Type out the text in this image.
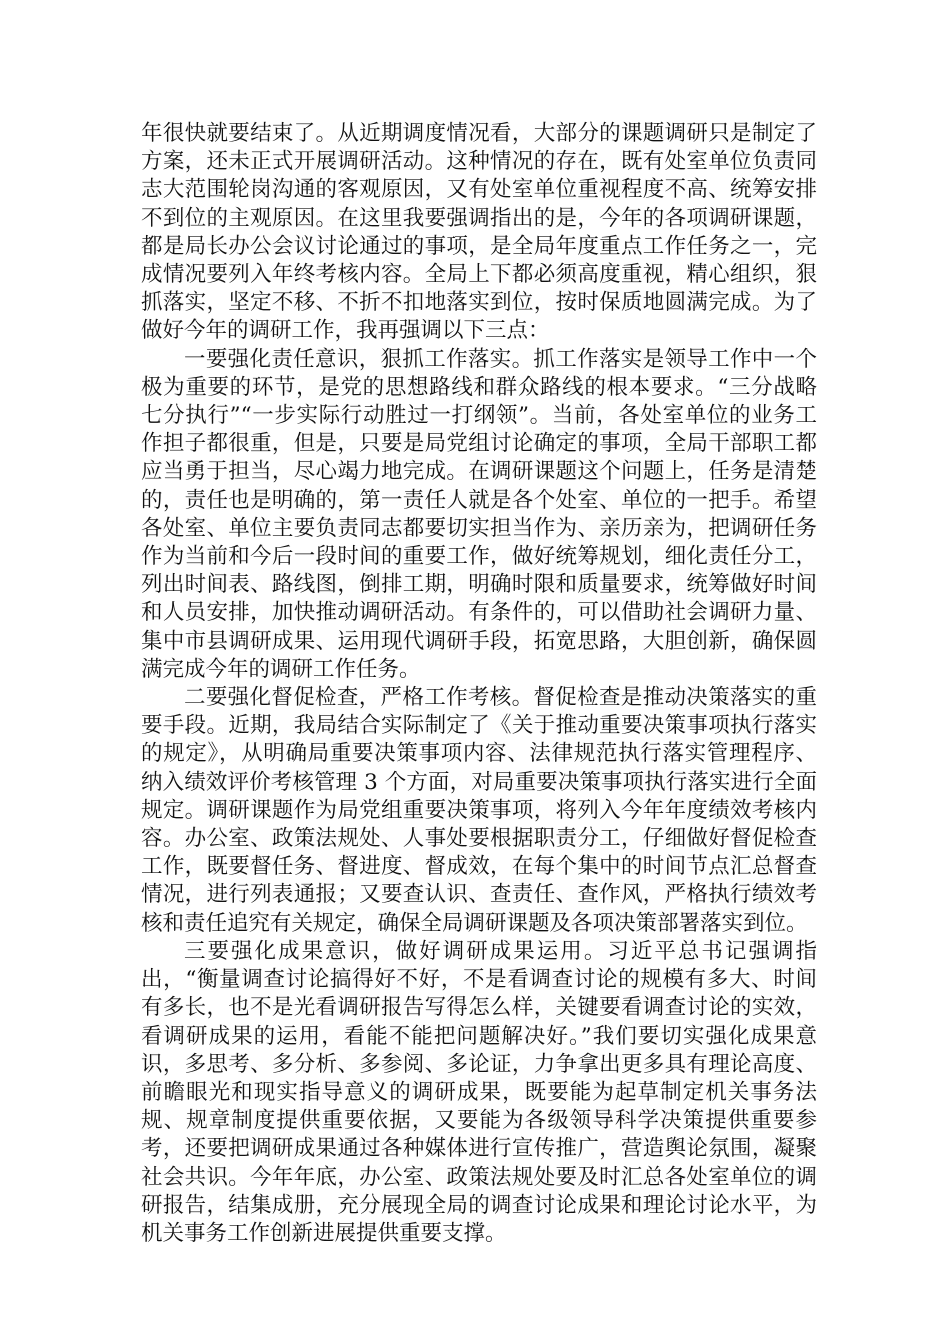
年很快就要结束了。从近期调度情况看，大部分的课题调研只是制定了方案，还未正式开展调研活动。这种情况的存在，既有处室单位负责同志大范围轮岗沟通的客观原因，又有处室单位重视程度不高、统筹安排不到位的主观原因。在这里我要强调指出的是，今年的各项调研课题，都是局长办公会议讨论通过的事项，是全局年度重点工作任务之一，完成情况要列入年终考核内容。全局上下都必须高度重视，精心组织，狠抓落实，坚定不移、不折不扣地落实到位，按时保质地圆满完成。为了做好今年的调研工作，我再强调以下三点：

一要强化责任意识，狠抓工作落实。抓工作落实是领导工作中一个极为重要的环节，是党的思想路线和群众路线的根本要求。“三分战略七分执行”“一步实际行动胜过一打纲领”。当前，各处室单位的业务工作担子都很重，但是，只要是局党组讨论确定的事项，全局干部职工都应当勇于担当，尽心竭力地完成。在调研课题这个问题上，任务是清楚的，责任也是明确的，第一责任人就是各个处室、单位的一把手。希望各处室、单位主要负责同志都要切实担当作为、亲历亲为，把调研任务作为当前和今后一段时间的重要工作，做好统筹规划，细化责任分工，列出时间表、路线图，倒排工期，明确时限和质量要求，统筹做好时间和人员安排，加快推动调研活动。有条件的，可以借助社会调研力量、集中市县调研成果、运用现代调研手段，拓宽思路，大胆创新，确保圆满完成今年的调研工作任务。

二要强化督促检查，严格工作考核。督促检查是推动决策落实的重要手段。近期，我局结合实际制定了《关于推动重要决策事项执行落实的规定》，从明确局重要决策事项内容、法律规范执行落实管理程序、纳入绩效评价考核管理 3 个方面，对局重要决策事项执行落实进行全面规定。调研课题作为局党组重要决策事项，将列入今年年度绩效考核内容。办公室、政策法规处、人事处要根据职责分工，仔细做好督促检查工作，既要督任务、督进度、督成效，在每个集中的时间节点汇总督查情况，进行列表通报；又要查认识、查责任、查作风，严格执行绩效考核和责任追究有关规定，确保全局调研课题及各项决策部署落实到位。

三要强化成果意识，做好调研成果运用。习近平总书记强调指出，“衡量调查讨论搞得好不好，不是看调查讨论的规模有多大、时间有多长，也不是光看调研报告写得怎么样，关键要看调查讨论的实效，看调研成果的运用，看能不能把问题解决好。”我们要切实强化成果意识，多思考、多分析、多参阅、多论证，力争拿出更多具有理论高度、前瞻眼光和现实指导意义的调研成果，既要能为起草制定机关事务法规、规章制度提供重要依据，又要能为各级领导科学决策提供重要参考，还要把调研成果通过各种媒体进行宣传推广，营造舆论氛围，凝聚社会共识。今年年底，办公室、政策法规处要及时汇总各处室单位的调研报告，结集成册，充分展现全局的调查讨论成果和理论讨论水平，为机关事务工作创新进展提供重要支撑。
